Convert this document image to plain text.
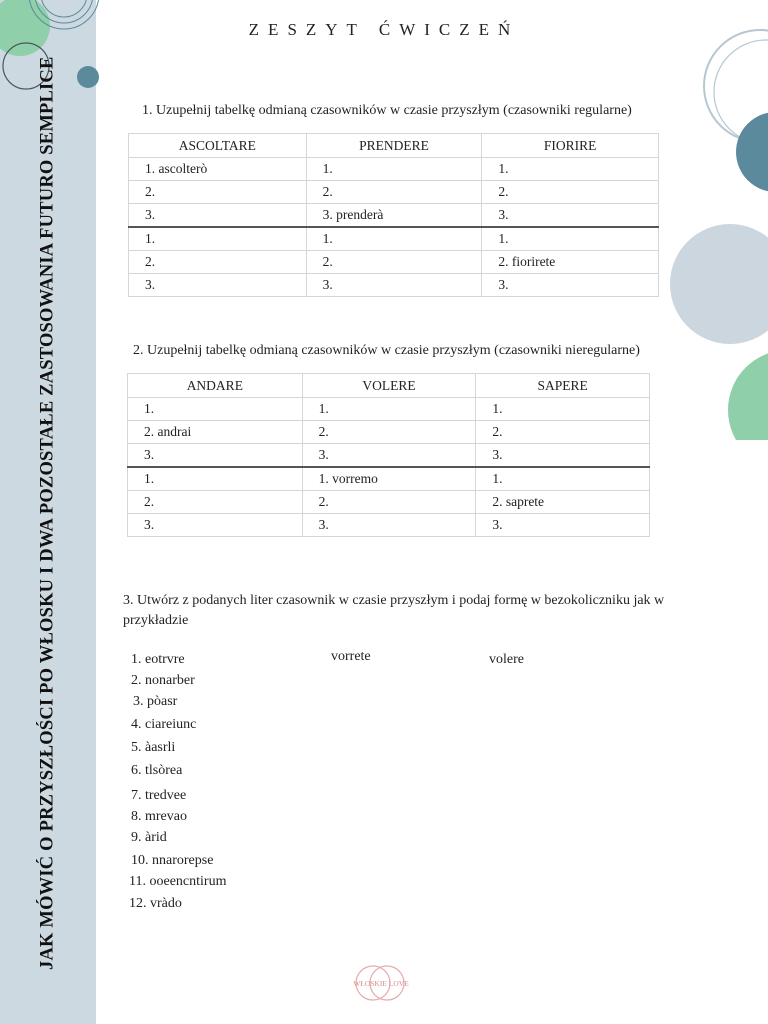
JAK MÓWIĆ O PRZYSZŁOŚCI PO WŁOSKU I DWA POZOSTAŁE ZASTOSOWANIA FUTURO SEMPLICE
ZESZYT ĆWICZEŃ
1. Uzupełnij tabelkę odmianą czasowników w czasie przyszłym (czasowniki regularne)
ASCOLTARE	PRENDERE	FIORIRE
1. ascolterò	1.	1.
2.	2.	2.
3.	3. prenderà	3.
1.	1.	1.
2.	2.	2. fiorirete
3.	3.	3.
2. Uzupełnij tabelkę odmianą czasowników w czasie przyszłym (czasowniki nieregularne)
ANDARE	VOLERE	SAPERE
1.	1.	1.
2. andrai	2.	2.
3.	3.	3.
1.	1. vorremo	1.
2.	2.	2. saprete
3.	3.	3.
3. Utwórz z podanych liter czasownik w czasie przyszłym i podaj formę w bezokoliczniku jak w przykładzie
vorrete	volere
1. eotrvre
2. nonarber
3. pòasr
4. ciareiunc
5. àasrli
6. tlsòrea
7. tredvee
8. mrevao
9. àrid
10. nnarorepse
11. ooeencntirum
12. vràdo
WŁOSKIE LOVE
